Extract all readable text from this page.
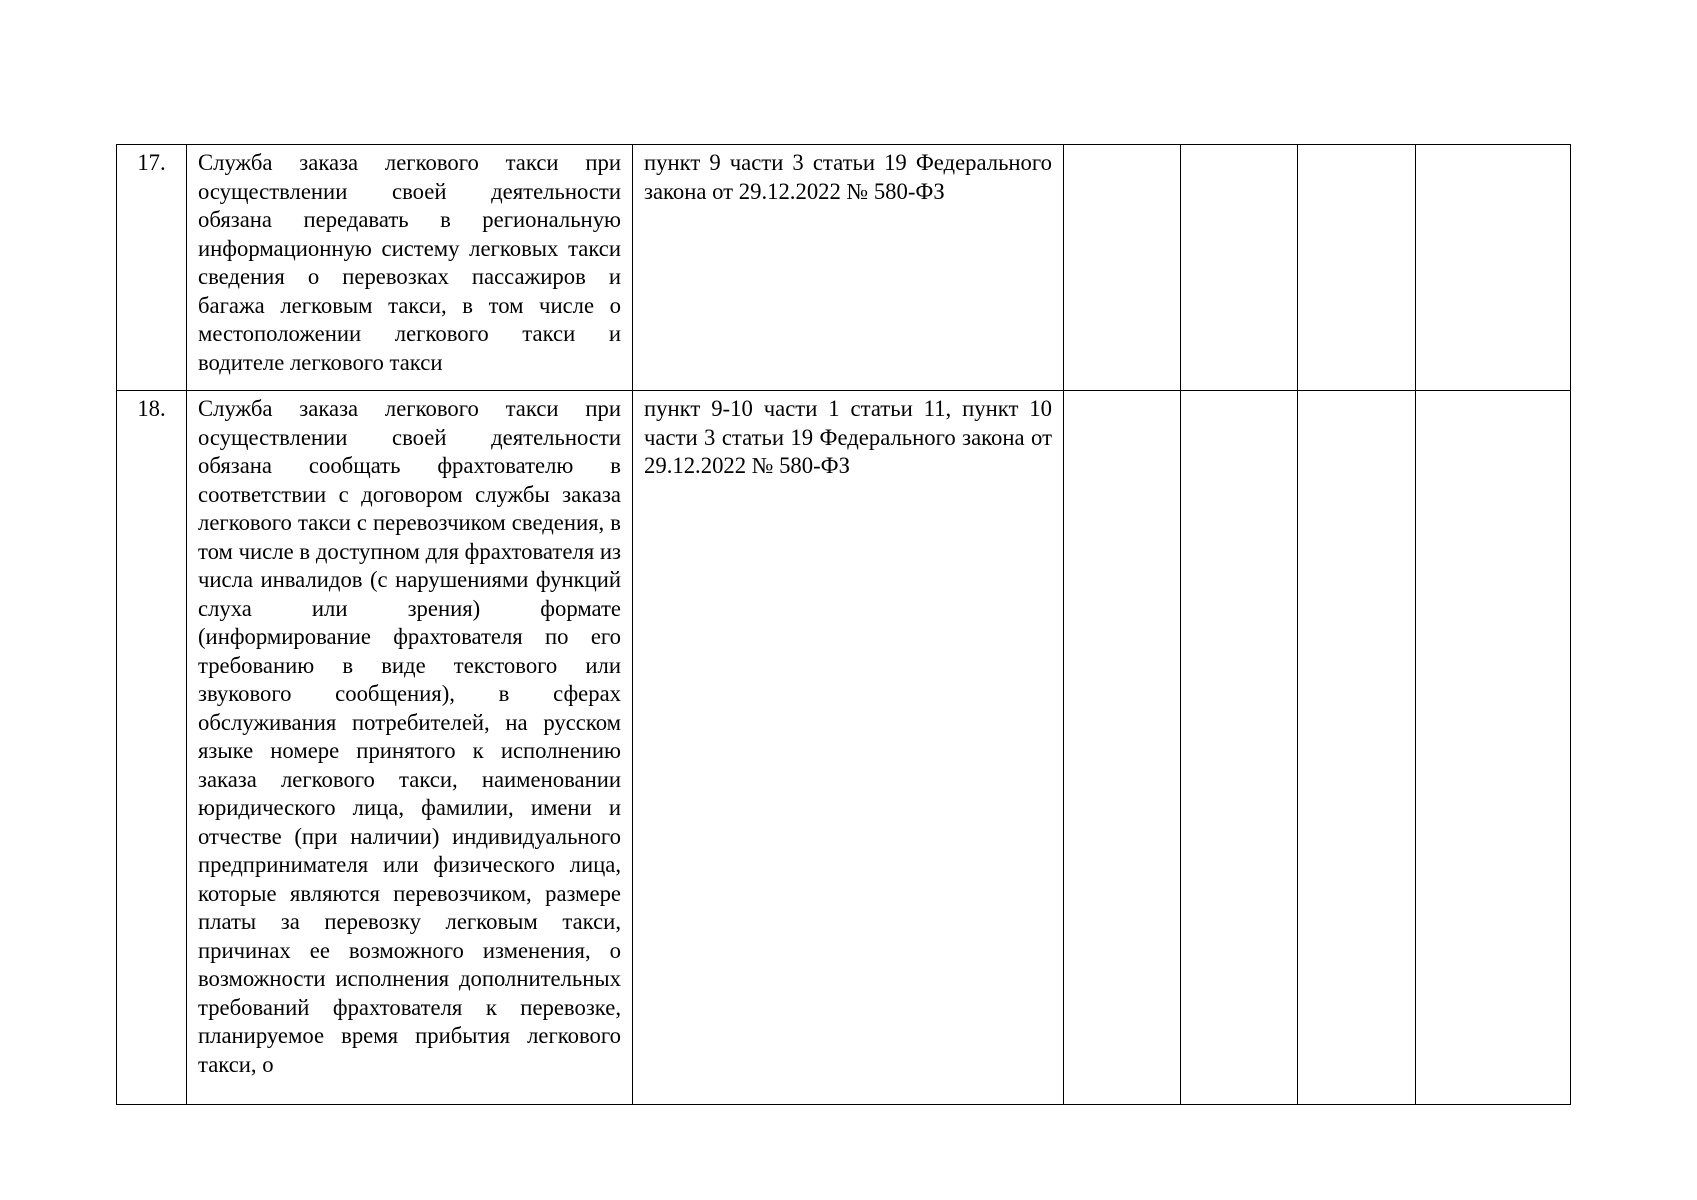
17.	Служба заказа легкового такси при осуществлении своей деятельности обязана передавать в региональную информационную систему легковых такси сведения о перевозках пассажиров и багажа легковым такси, в том числе о местоположении легкового такси и водителе легкового такси	пункт 9 части 3 статьи 19 Федерального закона от 29.12.2022 № 580-ФЗ				
18.	Служба заказа легкового такси при осуществлении своей деятельности обязана сообщать фрахтователю в соответствии с договором службы заказа легкового такси с перевозчиком сведения, в том числе в доступном для фрахтователя из числа инвалидов (с нарушениями функций слуха или зрения) формате (информирование фрахтователя по его требованию в виде текстового или звукового сообщения), в сферах обслуживания потребителей, на русском языке номере принятого к исполнению заказа легкового такси, наименовании юридического лица, фамилии, имени и отчестве (при наличии) индивидуального предпринимателя или физического лица, которые являются перевозчиком, размере платы за перевозку легковым такси, причинах ее возможного изменения, о возможности исполнения дополнительных требований фрахтователя к перевозке, планируемое время прибытия легкового такси, о	пункт 9-10 части 1 статьи 11, пункт 10 части 3 статьи 19 Федерального закона от 29.12.2022 № 580-ФЗ				
